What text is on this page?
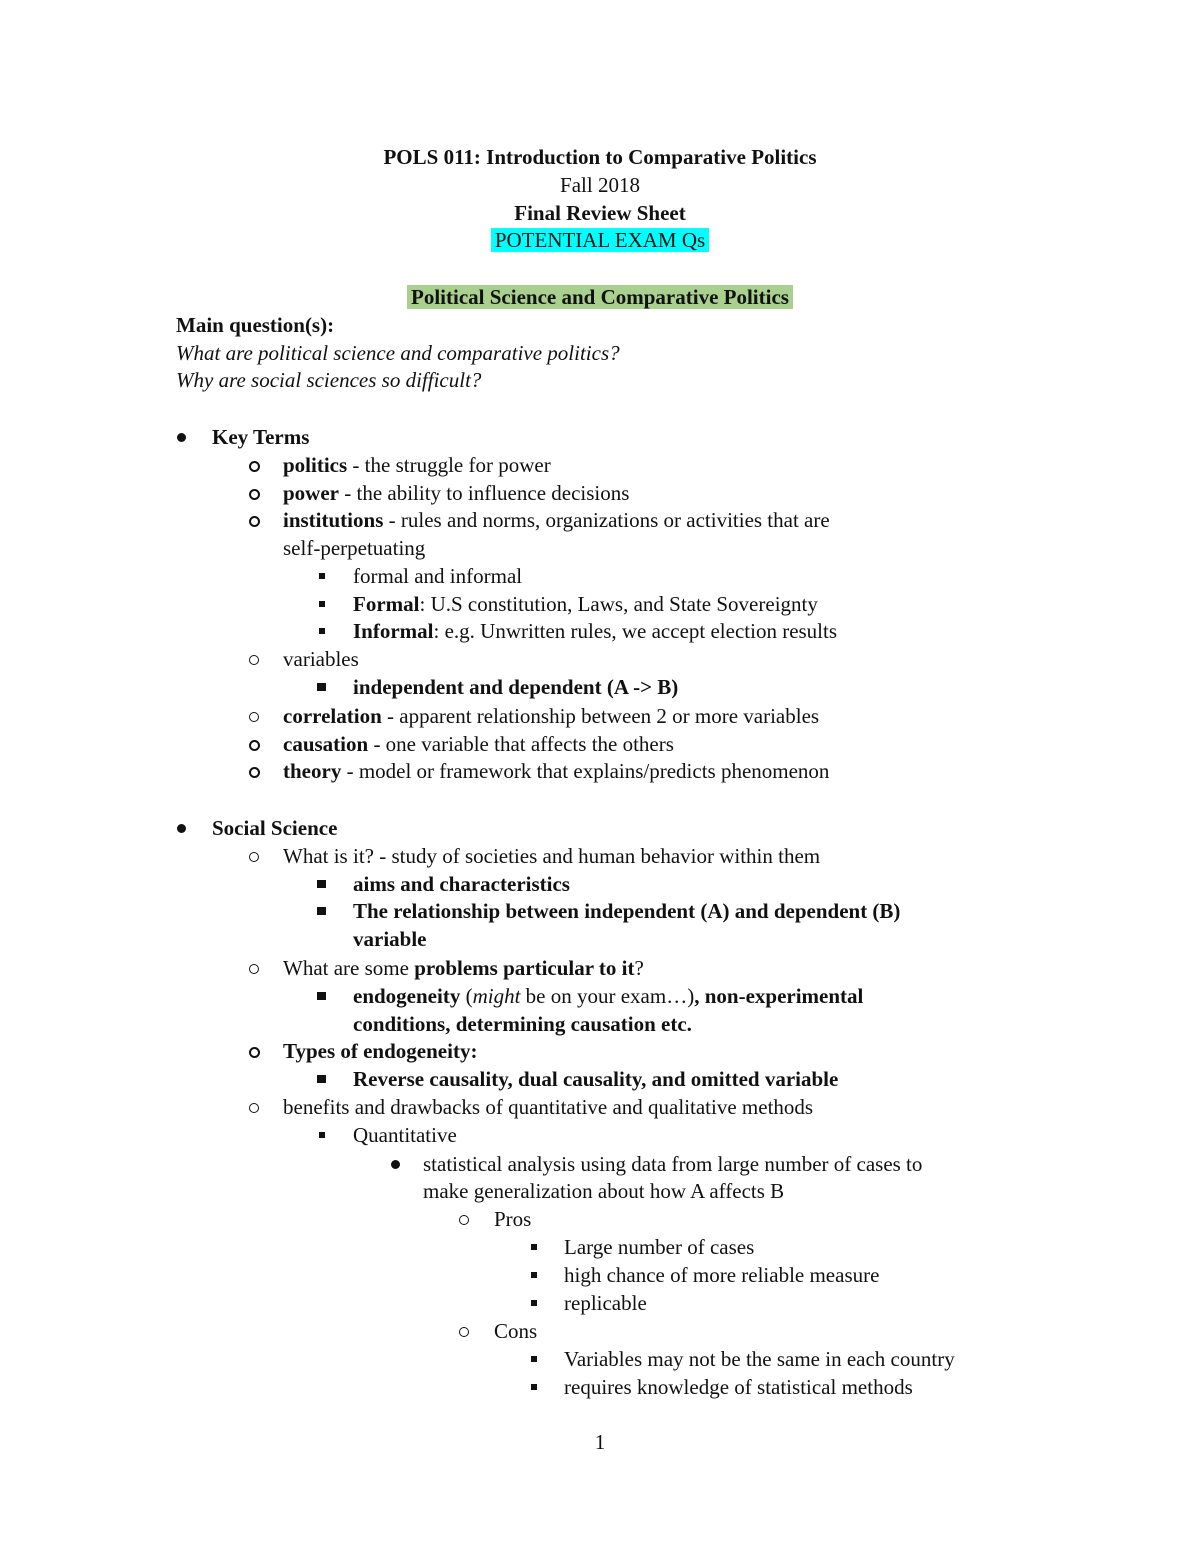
POLS 011: Introduction to Comparative Politics
Fall 2018
Final Review Sheet
POTENTIAL EXAM Qs
Political Science and Comparative Politics
Main question(s):
What are political science and comparative politics?
Why are social sciences so difficult?
Key Terms
politics - the struggle for power
power - the ability to influence decisions
institutions - rules and norms, organizations or activities that are
self-perpetuating
formal and informal
Formal: U.S constitution, Laws, and State Sovereignty
Informal: e.g. Unwritten rules, we accept election results
variables
independent and dependent (A -> B)
correlation - apparent relationship between 2 or more variables
causation - one variable that affects the others
theory - model or framework that explains/predicts phenomenon
Social Science
What is it? - study of societies and human behavior within them
aims and characteristics
The relationship between independent (A) and dependent (B)
variable
What are some problems particular to it?
endogeneity (might be on your exam…), non-experimental
conditions, determining causation etc.
Types of endogeneity:
Reverse causality, dual causality, and omitted variable
benefits and drawbacks of quantitative and qualitative methods
Quantitative
statistical analysis using data from large number of cases to
make generalization about how A affects B
Pros
Large number of cases
high chance of more reliable measure
replicable
Cons
Variables may not be the same in each country
requires knowledge of statistical methods
1
